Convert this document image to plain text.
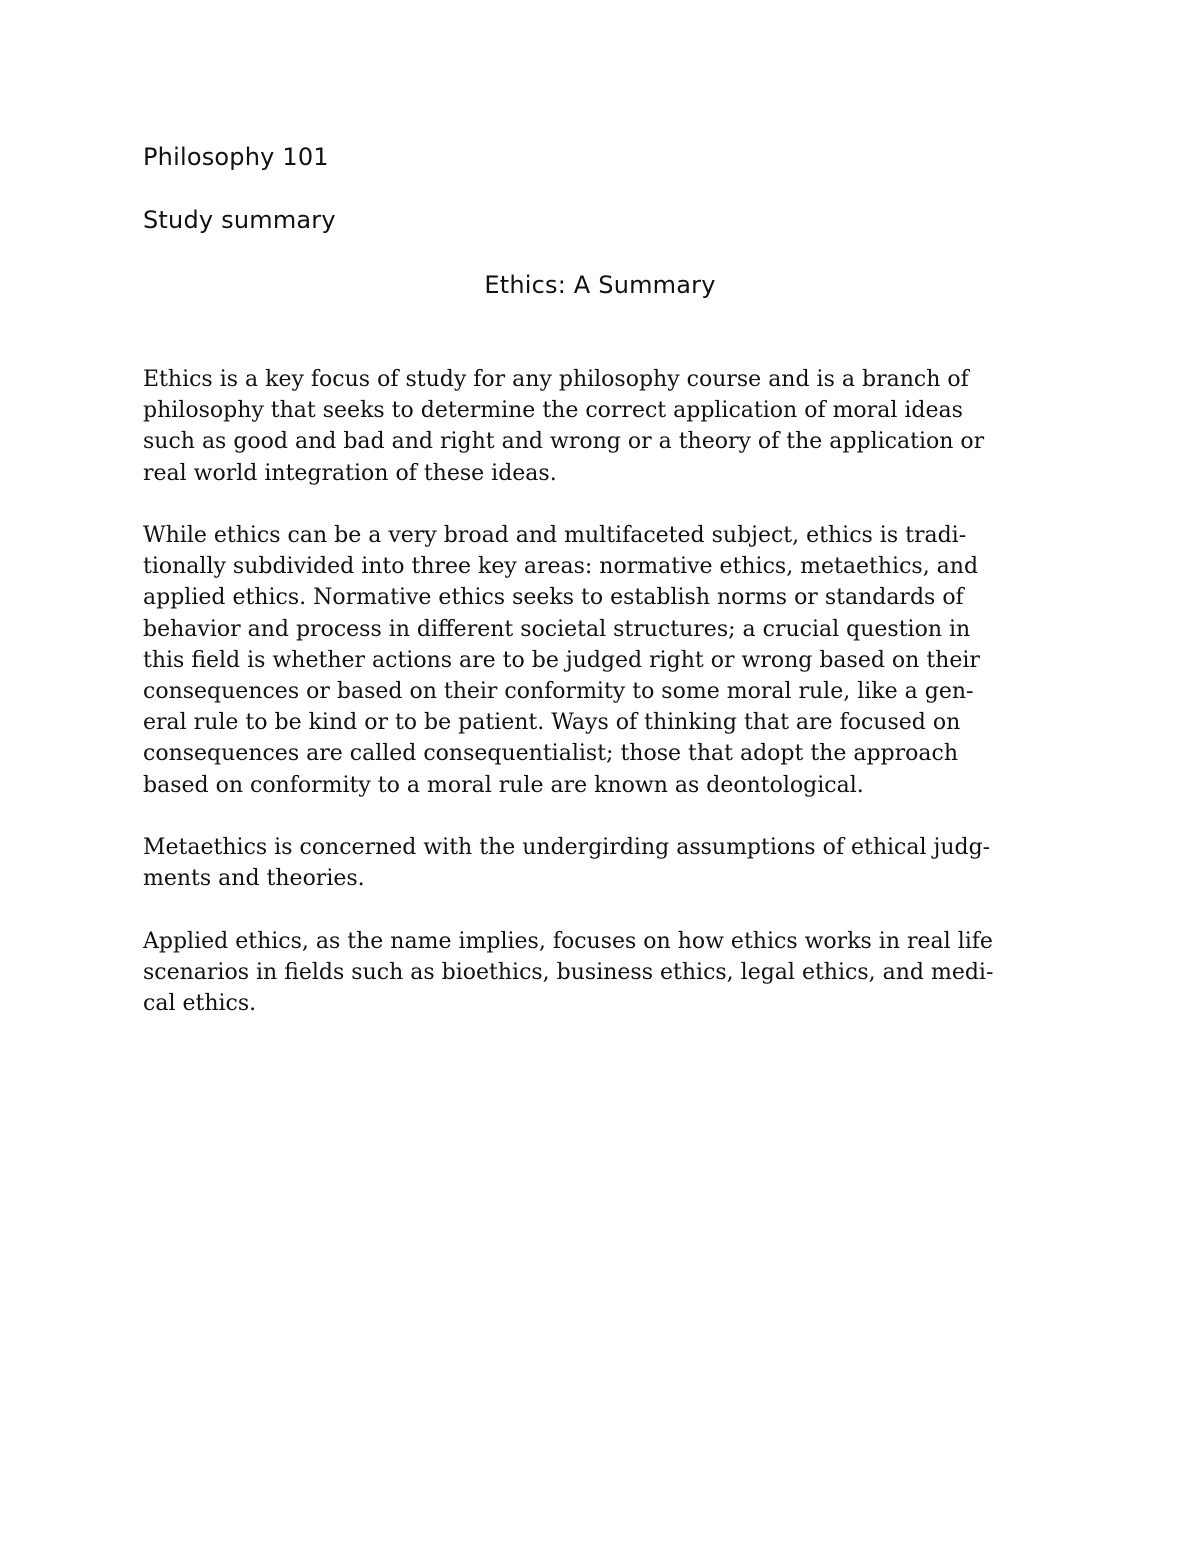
Philosophy 101

Study summary

Ethics: A Summary
Ethics is a key focus of study for any philosophy course and is a branch of
philosophy that seeks to determine the correct application of moral ideas
such as good and bad and right and wrong or a theory of the application or
real world integration of these ideas.
While ethics can be a very broad and multifaceted subject, ethics is tradi-
tionally subdivided into three key areas: normative ethics, metaethics, and
applied ethics. Normative ethics seeks to establish norms or standards of
behavior and process in different societal structures; a crucial question in
this field is whether actions are to be judged right or wrong based on their
consequences or based on their conformity to some moral rule, like a gen-
eral rule to be kind or to be patient. Ways of thinking that are focused on
consequences are called consequentialist; those that adopt the approach
based on conformity to a moral rule are known as deontological.
Metaethics is concerned with the undergirding assumptions of ethical judg-
ments and theories.
Applied ethics, as the name implies, focuses on how ethics works in real life
scenarios in fields such as bioethics, business ethics, legal ethics, and medi-
cal ethics.
